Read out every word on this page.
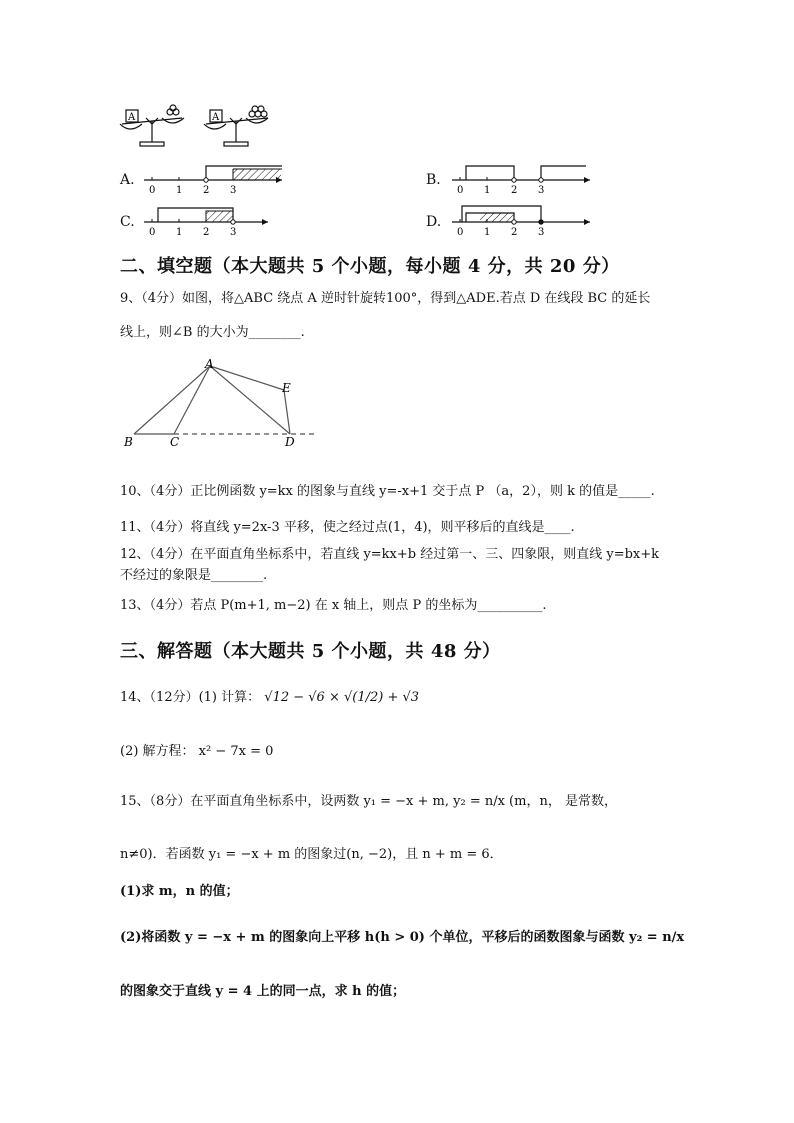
A	A
A.
0 1 2 3
B.
0 1 2 3
C.
0 1 2 3
D.
0 1 2 3
二、填空题（本大题共 5 个小题，每小题 4 分，共 20 分）
9、（4分）如图，将△ABC 绕点 A 逆时针旋转100°，得到△ADE.若点 D 在线段 BC 的延长
线上，则∠B 的大小为________.
A
B	C	D
E
10、（4分）正比例函数 y=kx 的图象与直线 y=-x+1 交于点 P （a，2），则 k 的值是_____.
11、（4分）将直线 y=2x-3 平移，使之经过点(1，4)，则平移后的直线是____.
12、（4分）在平面直角坐标系中，若直线 y=kx+b 经过第一、三、四象限，则直线 y=bx+k
不经过的象限是________.
13、（4分）若点 P(m+1, m−2) 在 x 轴上，则点 P 的坐标为__________.
三、解答题（本大题共 5 个小题，共 48 分）
14、（12分）(1) 计算： √12 − √6 × √(1/2) + √3
(2) 解方程： x² − 7x = 0
15、（8分）在平面直角坐标系中，设两数 y₁ = −x + m, y₂ = n/x (m，n， 是常数，
n≠0)．若函数 y₁ = −x + m 的图象过(n, −2)，且 n + m = 6．
(1)求 m，n 的值；
(2)将函数 y = −x + m 的图象向上平移 h(h > 0) 个单位，平移后的函数图象与函数 y₂ = n/x
的图象交于直线 y = 4 上的同一点，求 h 的值；
